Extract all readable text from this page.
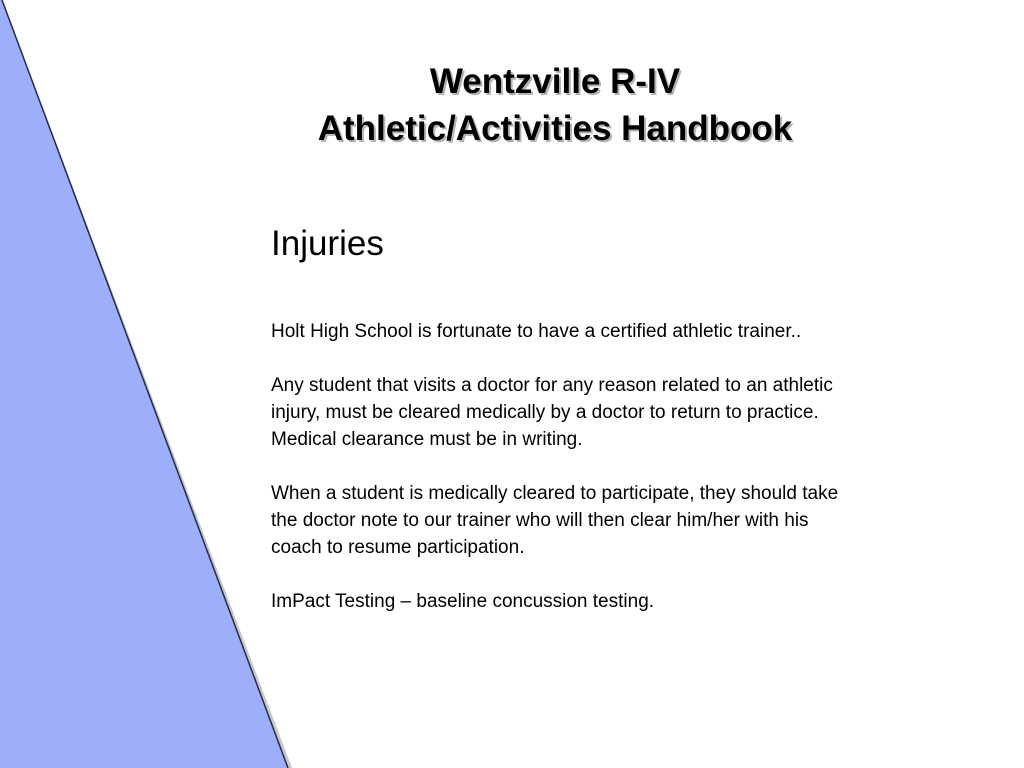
Wentzville R-IV
Athletic/Activities Handbook
Injuries

Holt High School is fortunate to have a certified athletic trainer..

Any student that visits a doctor for any reason related to an athletic
injury, must be cleared medically by a doctor to return to practice.
Medical clearance must be in writing.

When a student is medically cleared to participate, they should take
the doctor note to our trainer who will then clear him/her with his
coach to resume participation.

ImPact Testing – baseline concussion testing.
